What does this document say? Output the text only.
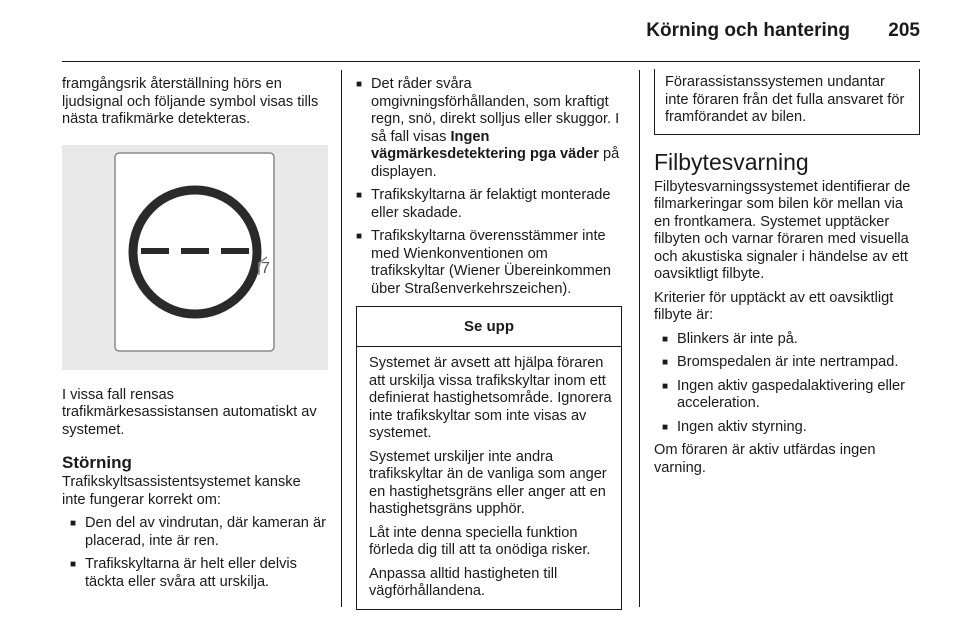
Körning och hantering 205

framgångsrik återställning hörs en ljudsignal och följande symbol visas tills nästa trafikmärke detekteras.

7

I vissa fall rensas trafikmärkesassistansen automatiskt av systemet.

Störning

Trafikskyltsassistentsystemet kanske inte fungerar korrekt om:

■ Den del av vindrutan, där kameran är placerad, inte är ren.
■ Trafikskyltarna är helt eller delvis täckta eller svåra att urskilja.
■ Det råder svåra omgivningsförhållanden, som kraftigt regn, snö, direkt solljus eller skuggor. I så fall visas Ingen vägmärkesdetektering pga väder på displayen.
■ Trafikskyltarna är felaktigt monterade eller skadade.
■ Trafikskyltarna överensstämmer inte med Wienkonventionen om trafikskyltar (Wiener Übereinkommen über Straßenverkehrszeichen).
Se upp

Systemet är avsett att hjälpa föraren att urskilja vissa trafikskyltar inom ett definierat hastighetsområde. Ignorera inte trafikskyltar som inte visas av systemet.

Systemet urskiljer inte andra trafikskyltar än de vanliga som anger en hastighetsgräns eller anger att en hastighetsgräns upphör.

Låt inte denna speciella funktion förleda dig till att ta onödiga risker.

Anpassa alltid hastigheten till vägförhållandena.

Förarassistanssystemen undantar inte föraren från det fulla ansvaret för framförandet av bilen.

Filbytesvarning

Filbytesvarningssystemet identifierar de filmarkeringar som bilen kör mellan via en frontkamera. Systemet upptäcker filbyten och varnar föraren med visuella och akustiska signaler i händelse av ett oavsiktligt filbyte.

Kriterier för upptäckt av ett oavsiktligt filbyte är:

■ Blinkers är inte på.
■ Bromspedalen är inte nertrampad.
■ Ingen aktiv gaspedalaktivering eller acceleration.
■ Ingen aktiv styrning.

Om föraren är aktiv utfärdas ingen varning.
